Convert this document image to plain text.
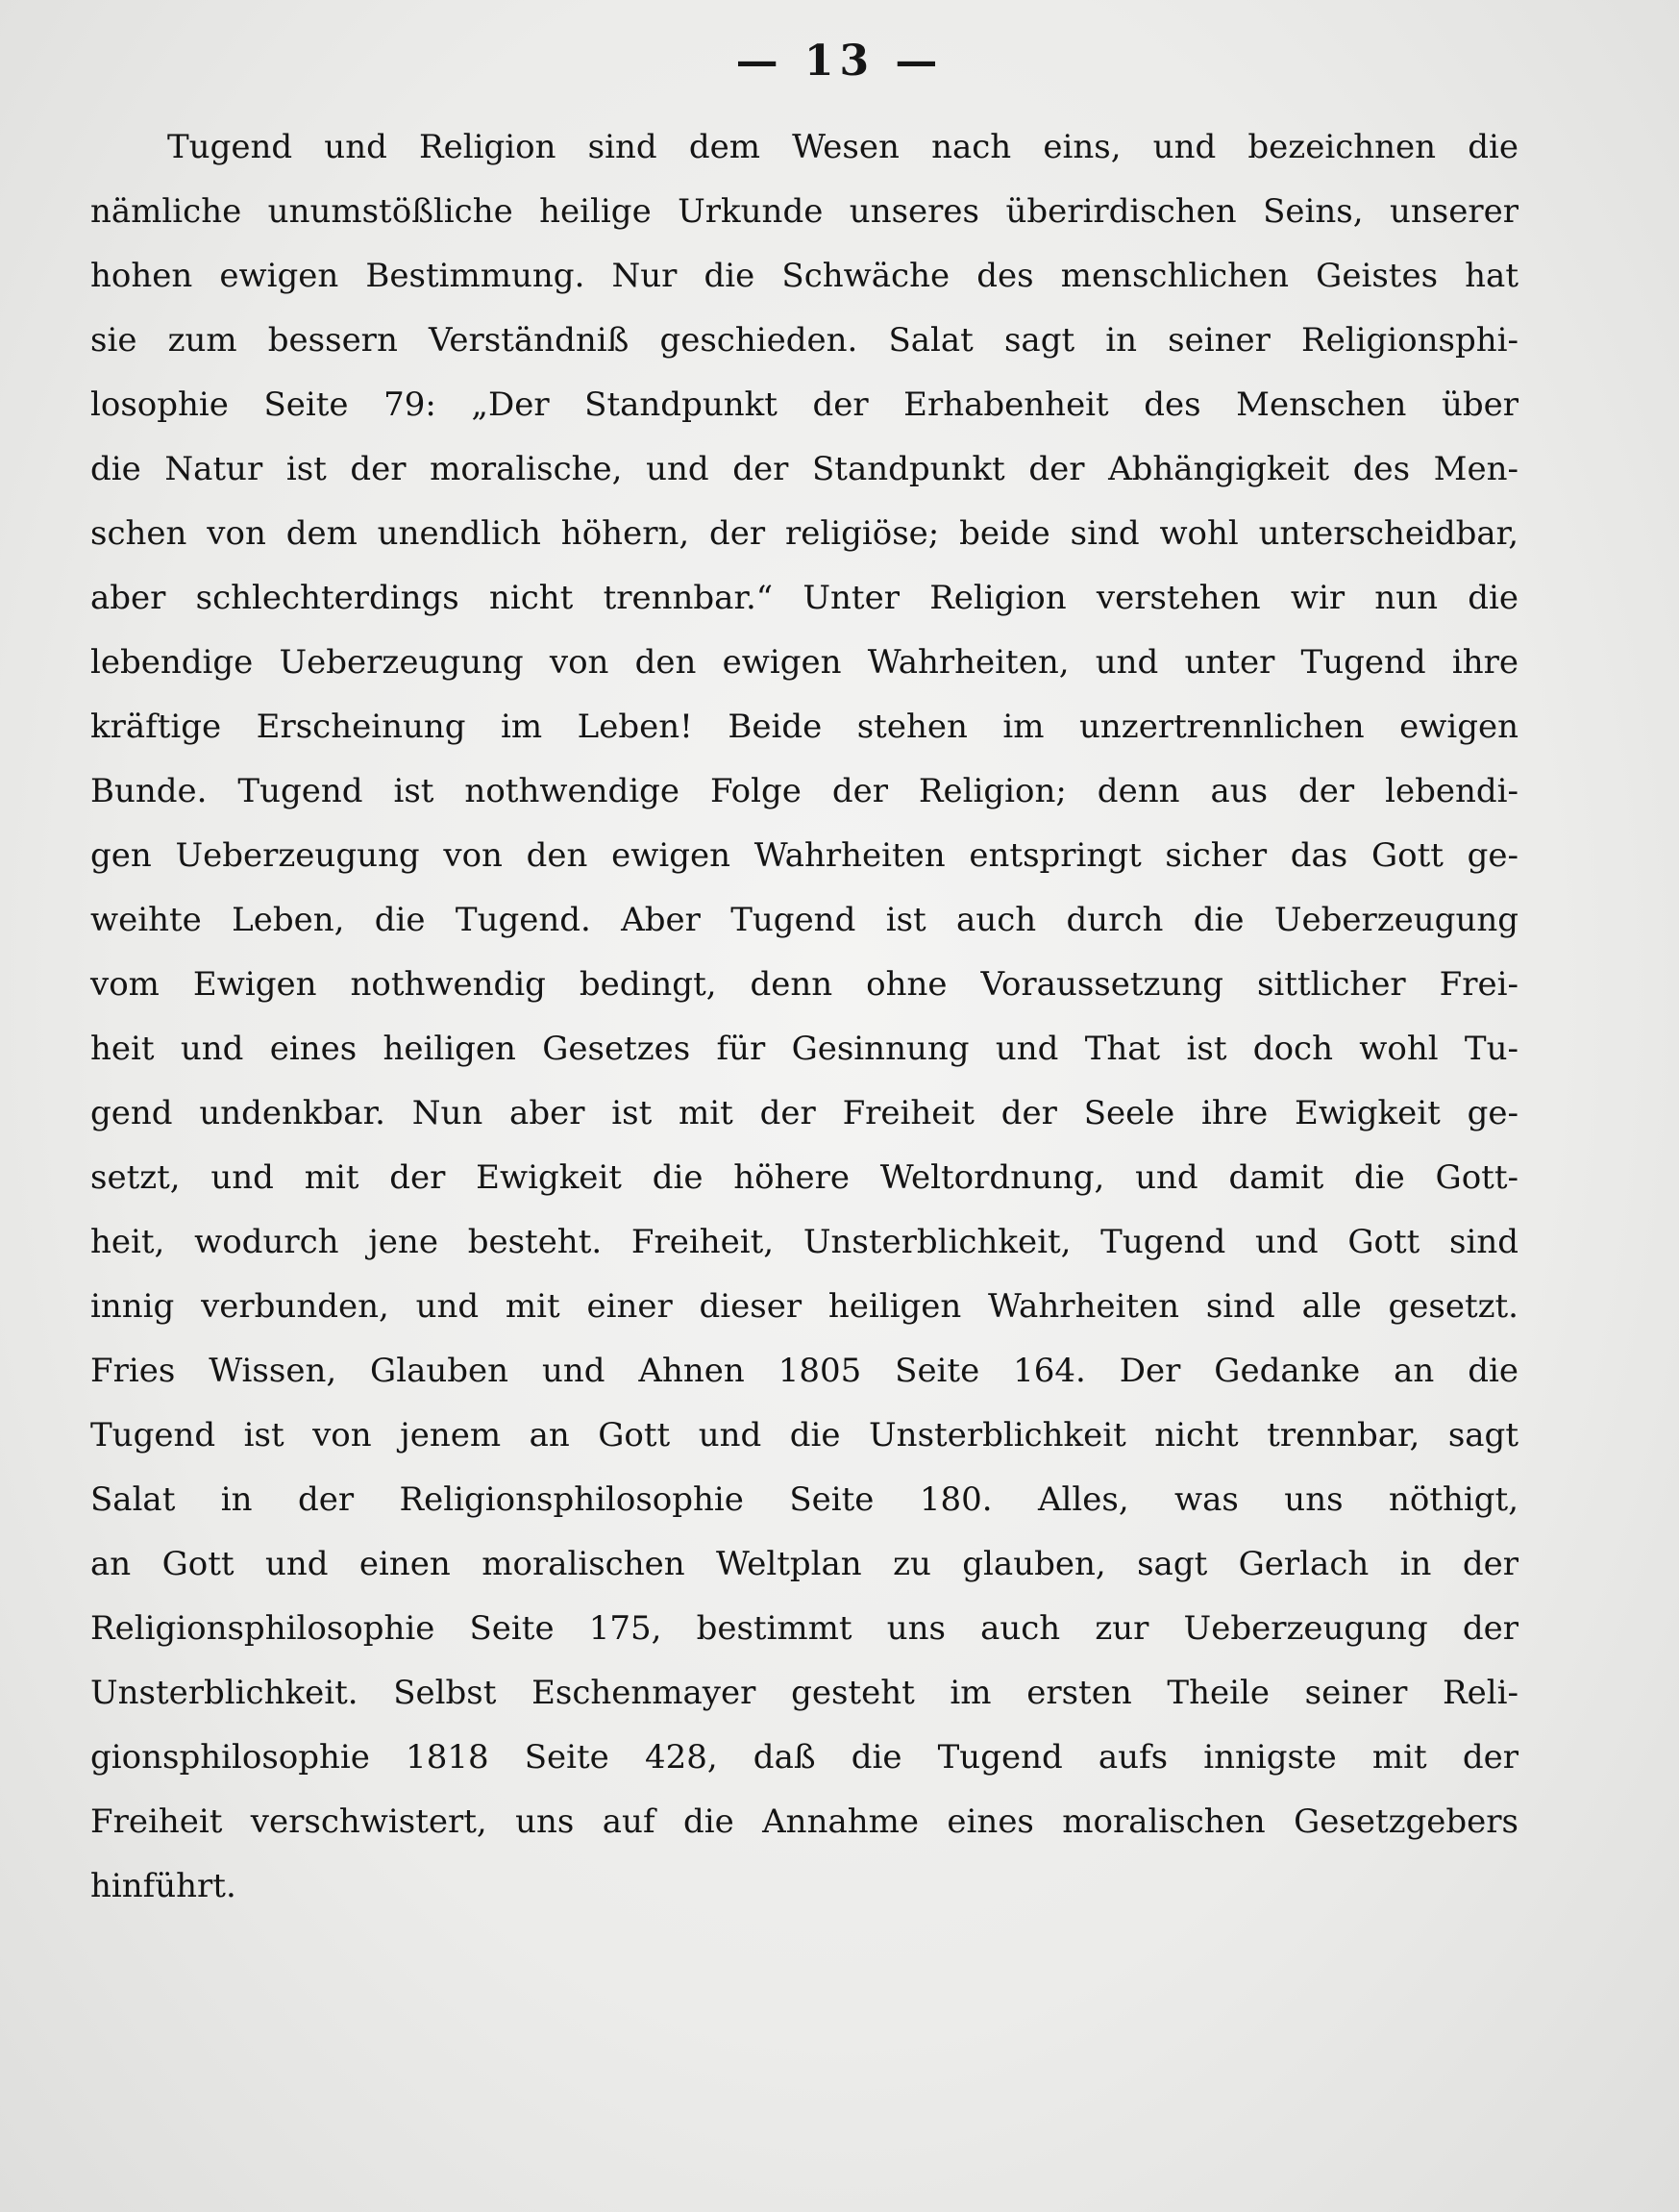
— 13 —
Tugend und Religion sind dem Wesen nach eins, und bezeichnen die
nämliche unumstößliche heilige Urkunde unseres überirdischen Seins, unserer
hohen ewigen Bestimmung. Nur die Schwäche des menschlichen Geistes hat
sie zum bessern Verständniß geschieden. Salat sagt in seiner Religionsphi-
losophie Seite 79: „Der Standpunkt der Erhabenheit des Menschen über
die Natur ist der moralische, und der Standpunkt der Abhängigkeit des Men-
schen von dem unendlich höhern, der religiöse; beide sind wohl unterscheidbar,
aber schlechterdings nicht trennbar.“ Unter Religion verstehen wir nun die
lebendige Ueberzeugung von den ewigen Wahrheiten, und unter Tugend ihre
kräftige Erscheinung im Leben! Beide stehen im unzertrennlichen ewigen
Bunde. Tugend ist nothwendige Folge der Religion; denn aus der lebendi-
gen Ueberzeugung von den ewigen Wahrheiten entspringt sicher das Gott ge-
weihte Leben, die Tugend. Aber Tugend ist auch durch die Ueberzeugung
vom Ewigen nothwendig bedingt, denn ohne Voraussetzung sittlicher Frei-
heit und eines heiligen Gesetzes für Gesinnung und That ist doch wohl Tu-
gend undenkbar. Nun aber ist mit der Freiheit der Seele ihre Ewigkeit ge-
setzt, und mit der Ewigkeit die höhere Weltordnung, und damit die Gott-
heit, wodurch jene besteht. Freiheit, Unsterblichkeit, Tugend und Gott sind
innig verbunden, und mit einer dieser heiligen Wahrheiten sind alle gesetzt.
Fries Wissen, Glauben und Ahnen 1805 Seite 164. Der Gedanke an die
Tugend ist von jenem an Gott und die Unsterblichkeit nicht trennbar, sagt
Salat in der Religionsphilosophie Seite 180. Alles, was uns nöthigt,
an Gott und einen moralischen Weltplan zu glauben, sagt Gerlach in der
Religionsphilosophie Seite 175, bestimmt uns auch zur Ueberzeugung der
Unsterblichkeit. Selbst Eschenmayer gesteht im ersten Theile seiner Reli-
gionsphilosophie 1818 Seite 428, daß die Tugend aufs innigste mit der
Freiheit verschwistert, uns auf die Annahme eines moralischen Gesetzgebers
hinführt.
